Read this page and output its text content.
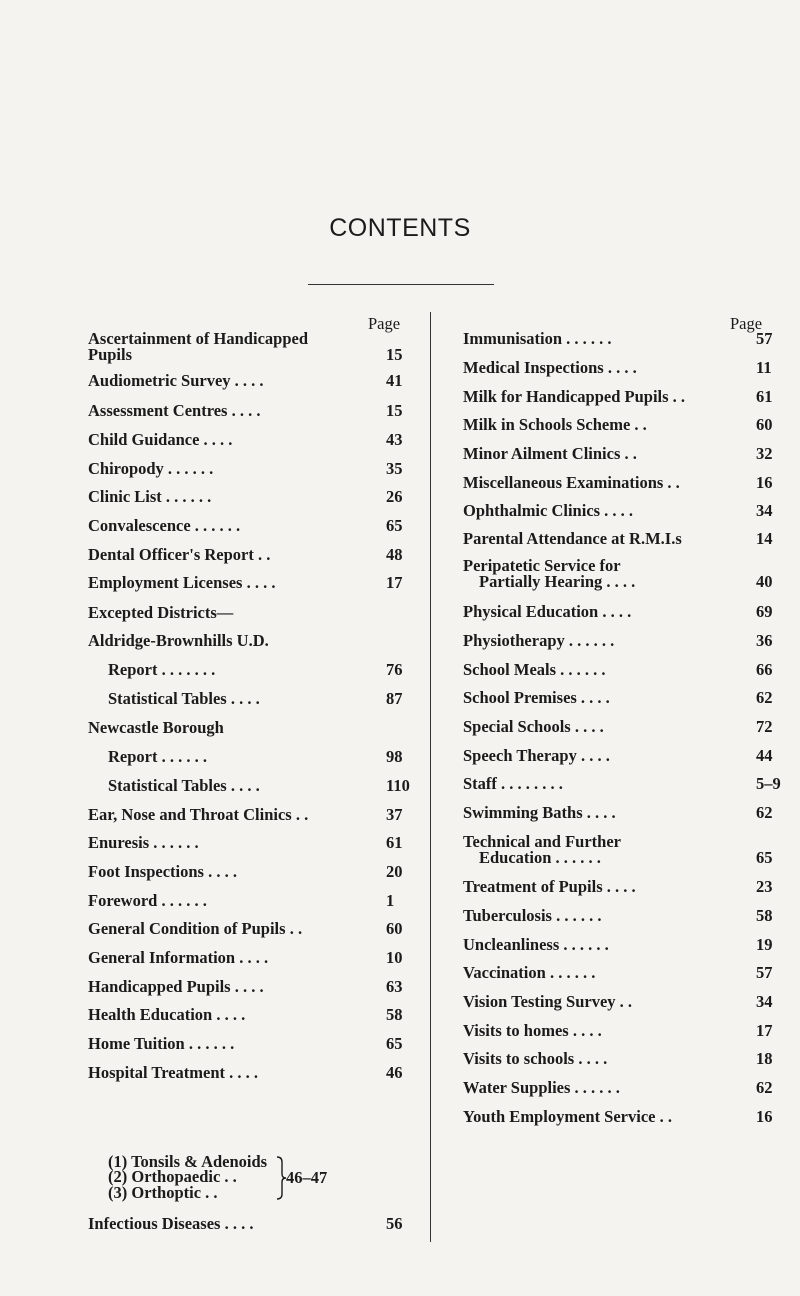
CONTENTS
Page	Page
Ascertainment of Handicapped
Pupils	15
Audiometric Survey . . . .	41
Assessment Centres . . . .	15
Child Guidance . . . .	43
Chiropody . . . . . .	35
Clinic List . . . . . .	26
Convalescence . . . . . .	65
Dental Officer's Report . .	48
Employment Licenses . . . .	17
Excepted Districts—
Aldridge-Brownhills U.D.
Report . . . . . . .	76
Statistical Tables . . . .	87
Newcastle Borough
Report . . . . . .	98
Statistical Tables . . . .	110
Ear, Nose and Throat Clinics . .	37
Enuresis . . . . . .	61
Foot Inspections . . . .	20
Foreword . . . . . .	1
General Condition of Pupils . .	60
General Information . . . .	10
Handicapped Pupils . . . .	63
Health Education . . . .	58
Home Tuition . . . . . .	65
Hospital Treatment . . . .	46
(1) Tonsils & Adenoids
(2) Orthopaedic . .
(3) Orthoptic . .
46–47
Infectious Diseases . . . .	56
Immunisation . . . . . .	57
Medical Inspections . . . .	11
Milk for Handicapped Pupils . .	61
Milk in Schools Scheme . .	60
Minor Ailment Clinics . .	32
Miscellaneous Examinations . .	16
Ophthalmic Clinics . . . .	34
Parental Attendance at R.M.I.s	14
Peripatetic Service for
Partially Hearing . . . .	40
Physical Education . . . .	69
Physiotherapy . . . . . .	36
School Meals . . . . . .	66
School Premises . . . .	62
Special Schools . . . .	72
Speech Therapy . . . .	44
Staff . . . . . . . .	5–9
Swimming Baths . . . .	62
Technical and Further
Education . . . . . .	65
Treatment of Pupils . . . .	23
Tuberculosis . . . . . .	58
Uncleanliness . . . . . .	19
Vaccination . . . . . .	57
Vision Testing Survey . .	34
Visits to homes . . . .	17
Visits to schools . . . .	18
Water Supplies . . . . . .	62
Youth Employment Service . .	16
